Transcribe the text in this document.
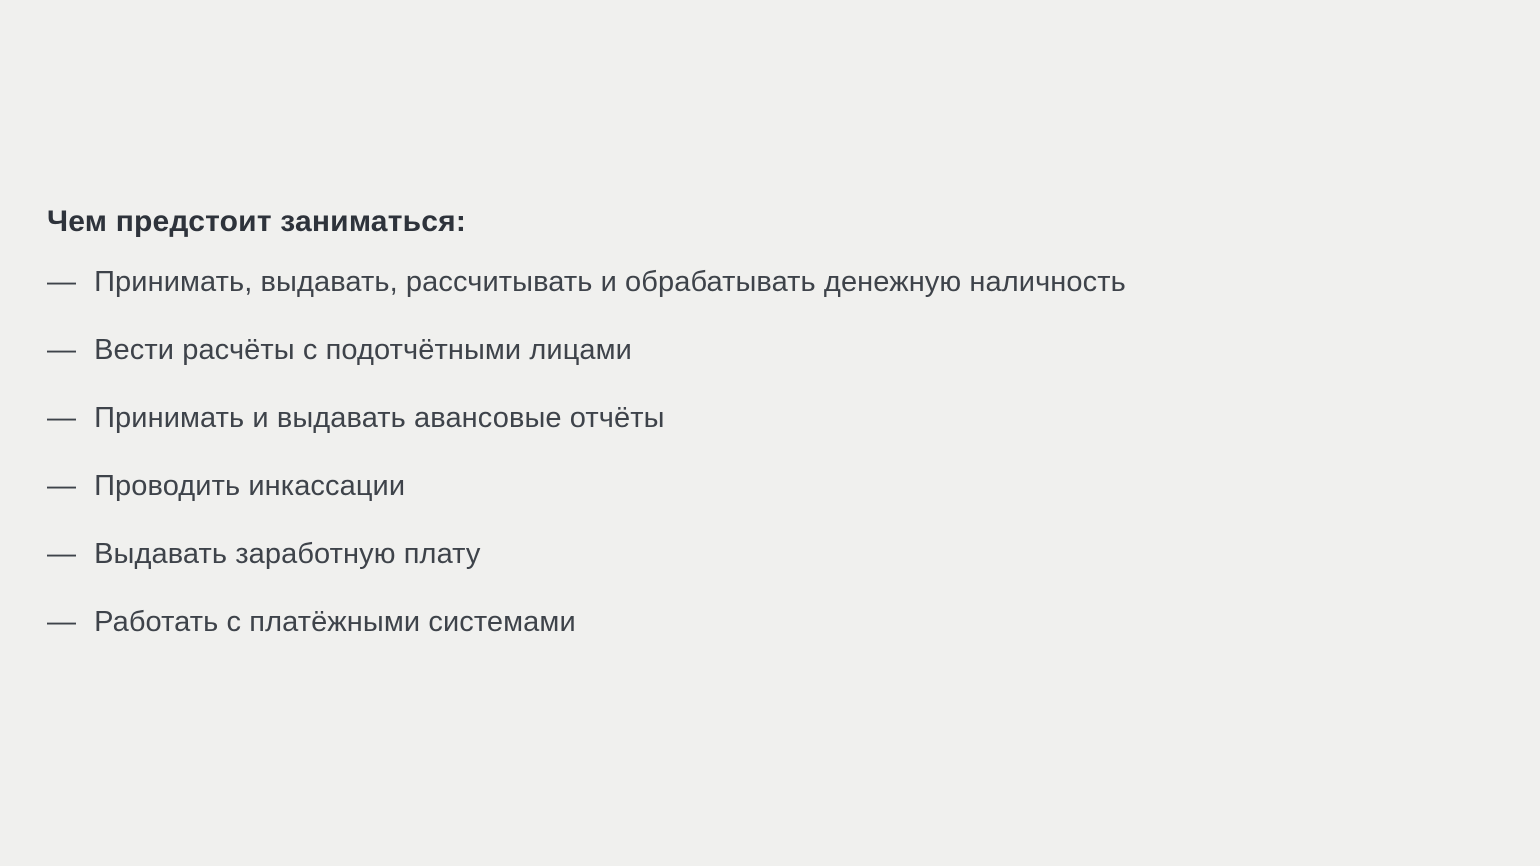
Чем предстоит заниматься:
— Принимать, выдавать, рассчитывать и обрабатывать денежную наличность
— Вести расчёты с подотчётными лицами
— Принимать и выдавать авансовые отчёты
— Проводить инкассации
— Выдавать заработную плату
— Работать с платёжными системами
